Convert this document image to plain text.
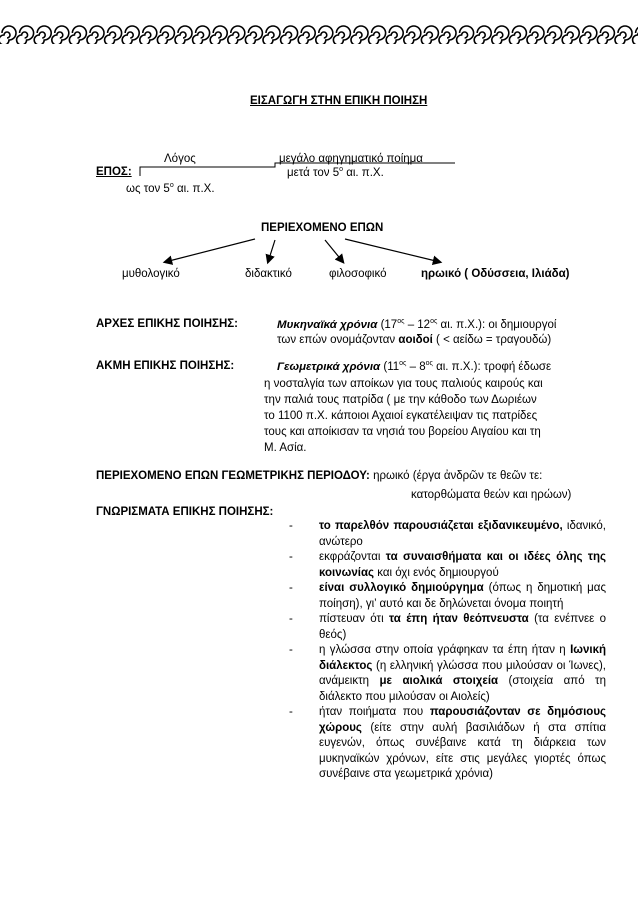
ΕΙΣΑΓΩΓΗ ΣΤΗΝ ΕΠΙΚΗ ΠΟΙΗΣΗ
Λόγος	μεγάλο αφηγηματικό ποίημα
ΕΠΟΣ:	μετά τον $5^o$ αι. π.Χ.
ως τον $5^o$ αι. π.Χ.
ΠΕΡΙΕΧΟΜΕΝΟ ΕΠΩΝ
μυθολογικό	διδακτικό	φιλοσοφικό	ηρωικό ( Οδύσσεια, Ιλιάδα)
ΑΡΧΕΣ ΕΠΙΚΗΣ ΠΟΙΗΣΗΣ:	Μυκηναϊκά χρόνια ($17^{o\varsigma} - 12^{o\varsigma}$ αι. π.Χ.): οι δημιουργοί
των επών ονομάζονταν αοιδοί ( < αείδω = τραγουδώ)
ΑΚΜΗ ΕΠΙΚΗΣ ΠΟΙΗΣΗΣ:	Γεωμετρικά χρόνια ($11^{o\varsigma} - 8^{o\varsigma}$ αι. π.Χ.): τροφή έδωσε
η νοσταλγία των αποίκων για τους παλιούς καιρούς και
την παλιά τους πατρίδα ( με την κάθοδο των Δωριέων
το 1100 π.Χ. κάποιοι Αχαιοί εγκατέλειψαν τις πατρίδες
τους και αποίκισαν τα νησιά του βορείου Αιγαίου και τη
Μ. Ασία.
ΠΕΡΙΕΧΟΜΕΝΟ ΕΠΩΝ ΓΕΩΜΕΤΡΙΚΗΣ ΠΕΡΙΟΔΟΥ: ηρωικό (έργα ἀνδρῶν τε θεῶν τε:
κατορθώματα θεών και ηρώων)
ΓΝΩΡΙΣΜΑΤΑ ΕΠΙΚΗΣ ΠΟΙΗΣΗΣ:
- το παρελθόν παρουσιάζεται εξιδανικευμένο, ιδανικό, ανώτερο
- εκφράζονται τα συναισθήματα και οι ιδέες όλης της κοινωνίας και όχι ενός δημιουργού
- είναι συλλογικό δημιούργημα (όπως η δημοτική μας ποίηση), γι’ αυτό και δε δηλώνεται όνομα ποιητή
- πίστευαν ότι τα έπη ήταν θεόπνευστα (τα ενέπνεε ο θεός)
- η γλώσσα στην οποία γράφηκαν τα έπη ήταν η Ιωνική διάλεκτος (η ελληνική γλώσσα που μιλούσαν οι Ίωνες), ανάμεικτη με αιολικά στοιχεία (στοιχεία από τη διάλεκτο που μιλούσαν οι Αιολείς)
- ήταν ποιήματα που παρουσιάζονταν σε δημόσιους χώρους (είτε στην αυλή βασιλιάδων ή στα σπίτια ευγενών, όπως συνέβαινε κατά τη διάρκεια των μυκηναϊκών χρόνων, είτε στις μεγάλες γιορτές όπως συνέβαινε στα γεωμετρικά χρόνια)
